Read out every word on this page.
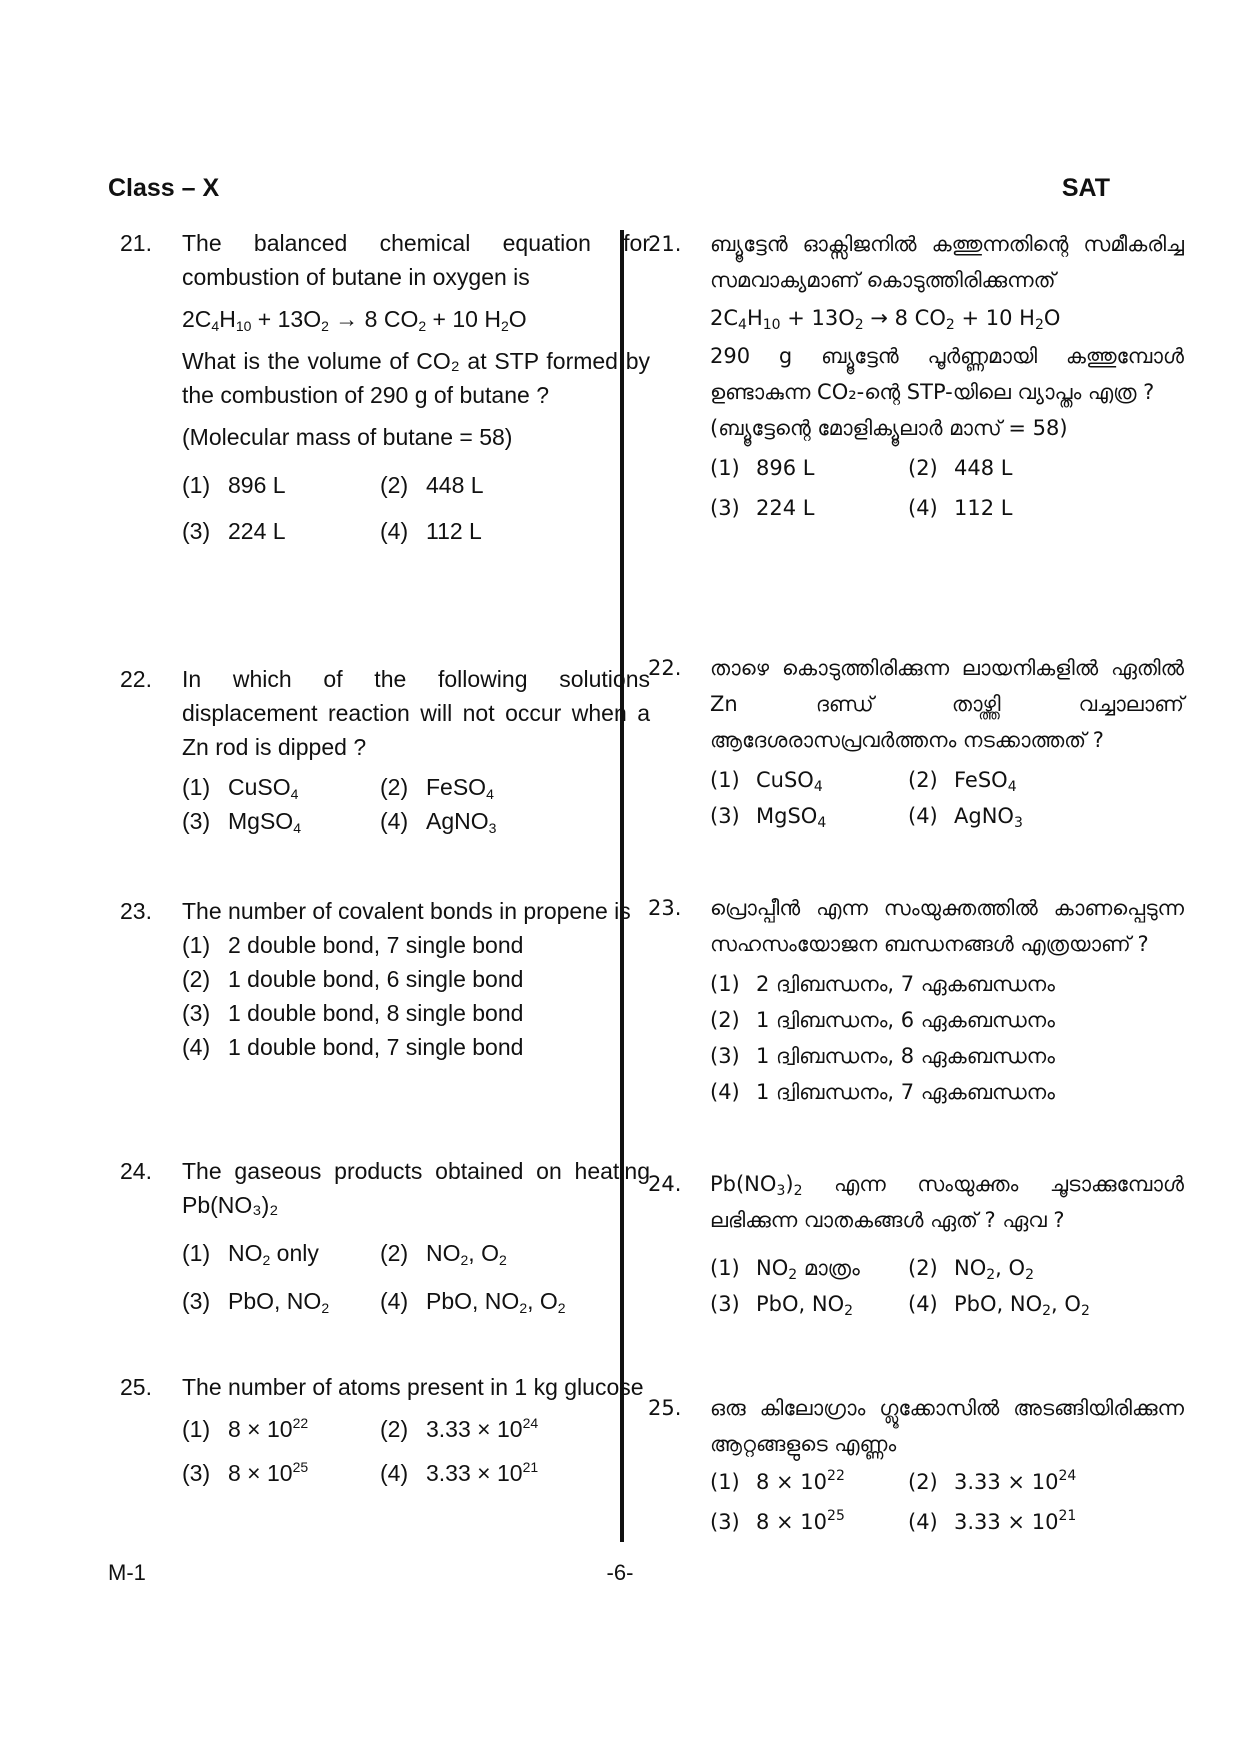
Class – X	SAT
21. The balanced chemical equation for combustion of butane in oxygen is
$2C_4H_{10} + 13O_2 \to 8$ $CO_2 + 10$ $H_2O$
What is the volume of CO₂ at STP formed by the combustion of 290 g of butane ?
(Molecular mass of butane = 58)
(1) 896 L	(2) 448 L
(3) 224 L	(4) 112 L
22. In which of the following solutions displacement reaction will not occur when a Zn rod is dipped ?
(1) CuSO$_4$	(2) FeSO$_4$
(3) MgSO$_4$	(4) AgNO$_3$
23. The number of covalent bonds in propene is
(1) 2 double bond, 7 single bond
(2) 1 double bond, 6 single bond
(3) 1 double bond, 8 single bond
(4) 1 double bond, 7 single bond
24. The gaseous products obtained on heating Pb(NO₃)₂
(1) $NO_2$ only	(2) $NO_2$, $O_2$
(3) PbO, $NO_2$	(4) PbO, $NO_2$, $O_2$
25. The number of atoms present in 1 kg glucose
(1) $8 \times 10^{22}$	(2) $3.33 \times 10^{24}$
(3) $8 \times 10^{25}$	(4) $3.33 \times 10^{21}$
21. ബ്യൂട്ടേൻ ഓക്സിജനിൽ കത്തുന്നതിന്റെ സമീകരിച്ച സമവാക്യമാണ് കൊടുത്തിരിക്കുന്നത്
$2C_4H_{10} + 13O_2 \to 8$ $CO_2 + 10$ $H_2O$
290 g ബ്യൂട്ടേൻ പൂർണ്ണമായി കത്തുമ്പോൾ ഉണ്ടാകുന്ന CO₂-ന്റെ STP-യിലെ വ്യാപ്തം എത്ര ?
(ബ്യൂട്ടേന്റെ മോളിക്യൂലാർ മാസ് = 58)
(1) 896 L	(2) 448 L
(3) 224 L	(4) 112 L
22. താഴെ കൊടുത്തിരിക്കുന്ന ലായനികളിൽ ഏതിൽ Zn ദണ്ഡ് താഴ്ത്തി വച്ചാലാണ് ആദേശരാസപ്രവർത്തനം നടക്കാത്തത് ?
(1) CuSO$_4$	(2) FeSO$_4$
(3) MgSO$_4$	(4) AgNO$_3$
23. പ്രൊപ്പീൻ എന്ന സംയുക്തത്തിൽ കാണപ്പെടുന്ന സഹസംയോജന ബന്ധനങ്ങൾ എത്രയാണ് ?
(1) 2 ദ്വിബന്ധനം, 7 ഏകബന്ധനം
(2) 1 ദ്വിബന്ധനം, 6 ഏകബന്ധനം
(3) 1 ദ്വിബന്ധനം, 8 ഏകബന്ധനം
(4) 1 ദ്വിബന്ധനം, 7 ഏകബന്ധനം
24. $Pb(NO_3)_2$ എന്ന സംയുക്തം ചൂടാക്കുമ്പോൾ ലഭിക്കുന്ന വാതകങ്ങൾ ഏത് ? ഏവ ?
(1) $NO_2$ മാത്രം	(2) $NO_2$, $O_2$
(3) PbO, $NO_2$	(4) PbO, $NO_2$, $O_2$
25. ഒരു കിലോഗ്രാം ഗ്ലൂക്കോസിൽ അടങ്ങിയിരിക്കുന്ന ആറ്റങ്ങളുടെ എണ്ണം
(1) $8 \times 10^{22}$	(2) $3.33 \times 10^{24}$
(3) $8 \times 10^{25}$	(4) $3.33 \times 10^{21}$
M-1	-6-
